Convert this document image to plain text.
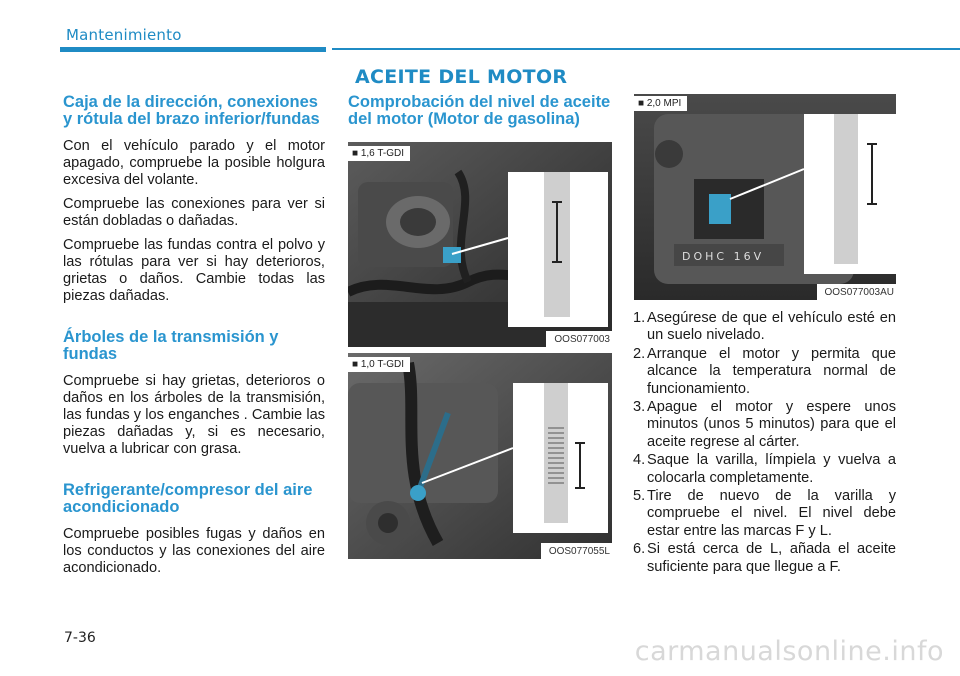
Mantenimiento
ACEITE DEL MOTOR
Caja de la dirección, conexiones y rótula del brazo inferior/fundas

Con el vehículo parado y el motor apagado, compruebe la posible holgura excesiva del volante.

Compruebe las conexiones para ver si están dobladas o dañadas.

Compruebe las fundas contra el polvo y las rótulas para ver si hay deterioros, grietas o daños. Cambie todas las piezas dañadas.

Árboles de la transmisión y fundas

Compruebe si hay grietas, deterioros o daños en los árboles de la transmisión, las fundas y los enganches . Cambie las piezas dañadas y, si es necesario, vuelva a lubricar con grasa.

Refrigerante/compresor del aire acondicionado

Compruebe posibles fugas y daños en los conductos y las conexiones del aire acondicionado.

Comprobación del nivel de aceite del motor (Motor de gasolina)
■ 1,6 T-GDI
OOS077003
■ 1,0 T-GDI
OOS077055L
DOHC 16V
■ 2,0 MPI
OOS077003AU
1. Asegúrese de que el vehículo esté en un suelo nivelado.
2. Arranque el motor y permita que alcance la temperatura normal de funcionamiento.
3. Apague el motor y espere unos minutos (unos 5 minutos) para que el aceite regrese al cárter.
4. Saque la varilla, límpiela y vuelva a colocarla completamente.
5. Tire de nuevo de la varilla y compruebe el nivel. El nivel debe estar entre las marcas F y L.
6. Si está cerca de L, añada el aceite suficiente para que llegue a F.
7-36	carmanualsonline.info
